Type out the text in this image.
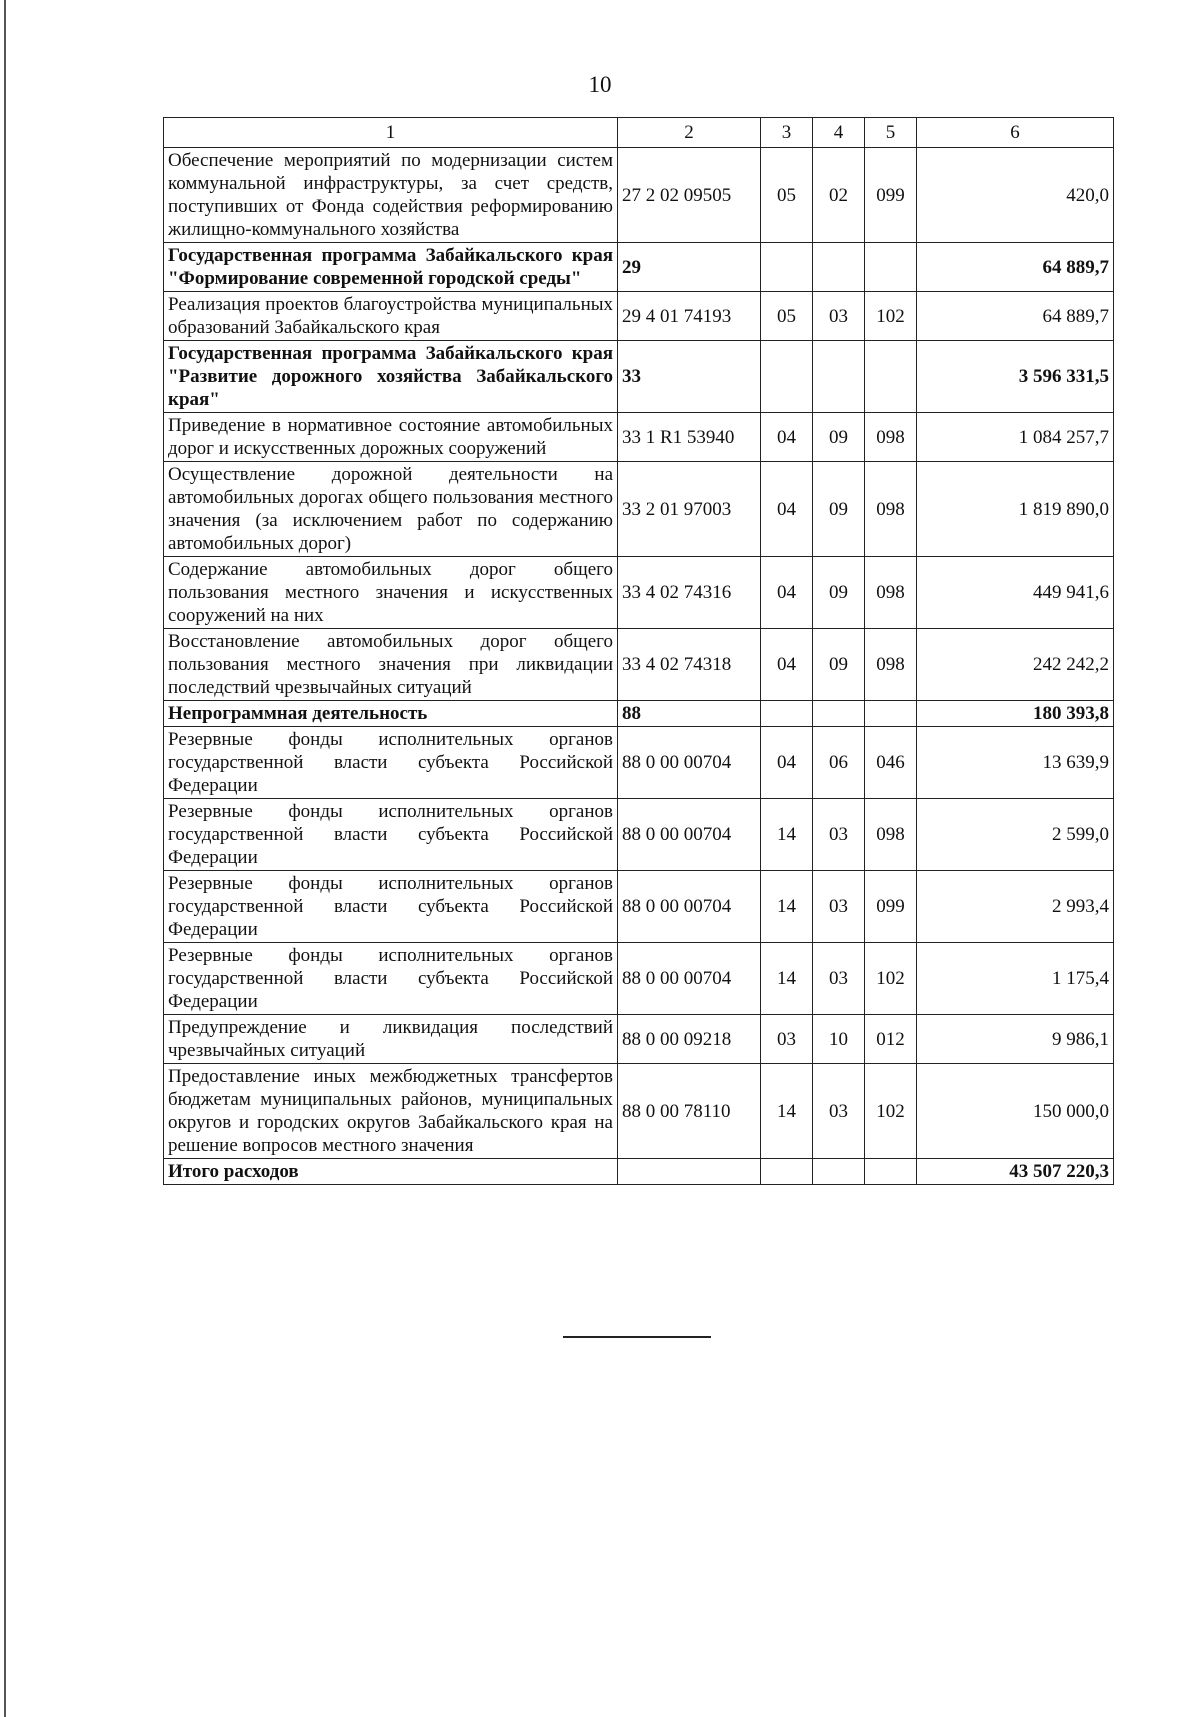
10
1	2	3	4	5	6
Обеспечение мероприятий по модернизации систем коммунальной инфраструктуры, за счет средств, поступивших от Фонда содействия реформированию жилищно-коммунального хозяйства	27 2 02 09505	05	02	099	420,0
Государственная программа Забайкальского края "Формирование современной городской среды"	29				64 889,7
Реализация проектов благоустройства муниципальных образований Забайкальского края	29 4 01 74193	05	03	102	64 889,7
Государственная программа Забайкальского края "Развитие дорожного хозяйства Забайкальского края"	33				3 596 331,5
Приведение в нормативное состояние автомобильных дорог и искусственных дорожных сооружений	33 1 R1 53940	04	09	098	1 084 257,7
Осуществление дорожной деятельности на автомобильных дорогах общего пользования местного значения (за исключением работ по содержанию автомобильных дорог)	33 2 01 97003	04	09	098	1 819 890,0
Содержание автомобильных дорог общего пользования местного значения и искусственных сооружений на них	33 4 02 74316	04	09	098	449 941,6
Восстановление автомобильных дорог общего пользования местного значения при ликвидации последствий чрезвычайных ситуаций	33 4 02 74318	04	09	098	242 242,2
Непрограммная деятельность	88				180 393,8
Резервные фонды исполнительных органов государственной власти субъекта Российской Федерации	88 0 00 00704	04	06	046	13 639,9
Резервные фонды исполнительных органов государственной власти субъекта Российской Федерации	88 0 00 00704	14	03	098	2 599,0
Резервные фонды исполнительных органов государственной власти субъекта Российской Федерации	88 0 00 00704	14	03	099	2 993,4
Резервные фонды исполнительных органов государственной власти субъекта Российской Федерации	88 0 00 00704	14	03	102	1 175,4
Предупреждение и ликвидация последствий чрезвычайных ситуаций	88 0 00 09218	03	10	012	9 986,1
Предоставление иных межбюджетных трансфертов бюджетам муниципальных районов, муниципальных округов и городских округов Забайкальского края на решение вопросов местного значения	88 0 00 78110	14	03	102	150 000,0
Итого расходов					43 507 220,3
